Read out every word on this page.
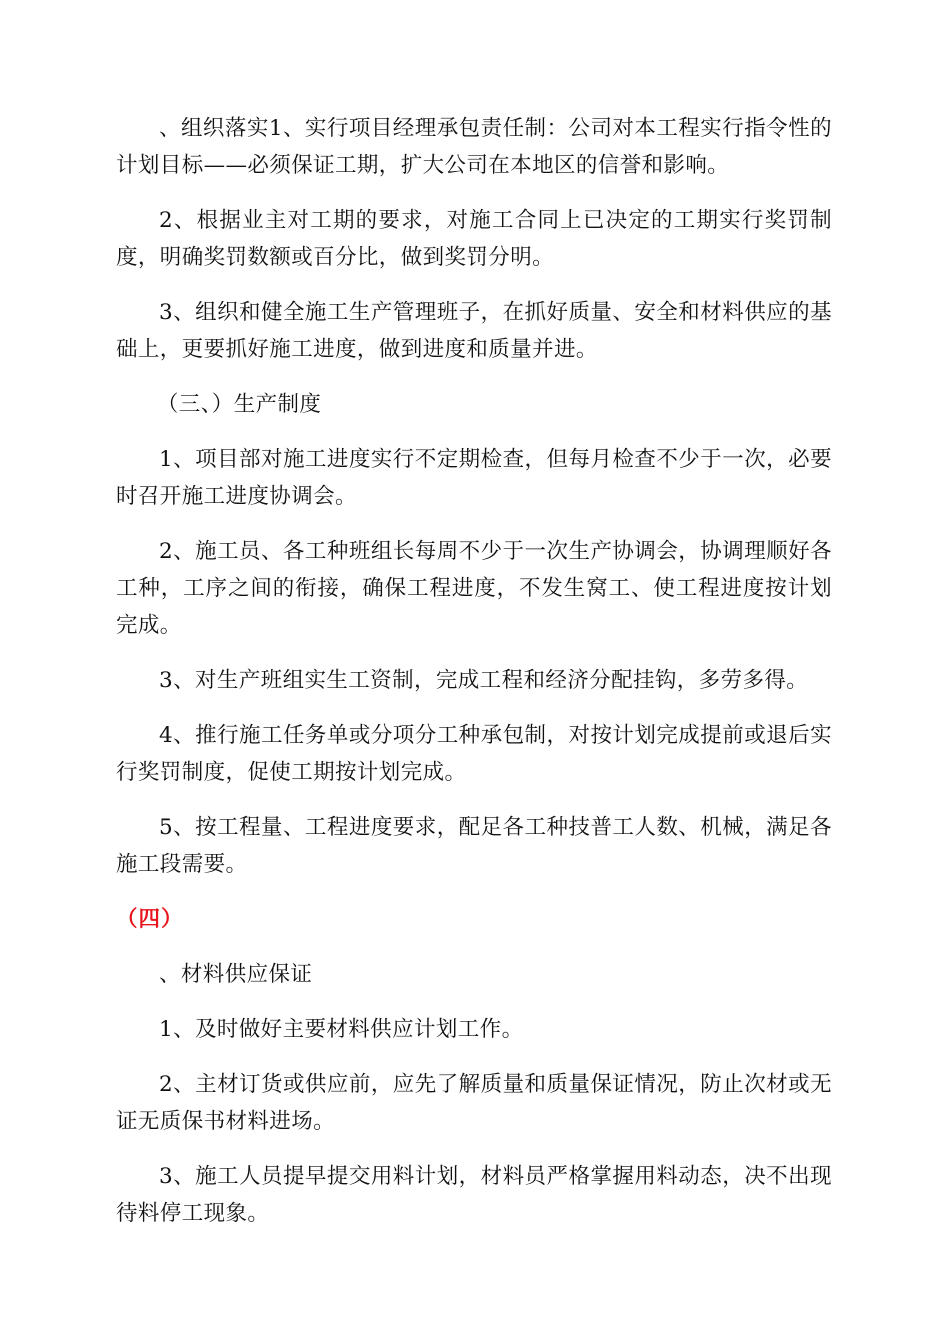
、组织落实1、实行项目经理承包责任制：公司对本工程实行指令性的计划目标——必须保证工期，扩大公司在本地区的信誉和影响。

2、根据业主对工期的要求，对施工合同上已决定的工期实行奖罚制度，明确奖罚数额或百分比，做到奖罚分明。

3、组织和健全施工生产管理班子，在抓好质量、安全和材料供应的基础上，更要抓好施工进度，做到进度和质量并进。

（三、）生产制度

1、项目部对施工进度实行不定期检查，但每月检查不少于一次，必要时召开施工进度协调会。

2、施工员、各工种班组长每周不少于一次生产协调会，协调理顺好各工种，工序之间的衔接，确保工程进度，不发生窝工、使工程进度按计划完成。

3、对生产班组实生工资制，完成工程和经济分配挂钩，多劳多得。

4、推行施工任务单或分项分工种承包制，对按计划完成提前或退后实行奖罚制度，促使工期按计划完成。

5、按工程量、工程进度要求，配足各工种技普工人数、机械，满足各施工段需要。

（四）

、材料供应保证

1、及时做好主要材料供应计划工作。

2、主材订货或供应前，应先了解质量和质量保证情况，防止次材或无证无质保书材料进场。

3、施工人员提早提交用料计划，材料员严格掌握用料动态，决不出现待料停工现象。
